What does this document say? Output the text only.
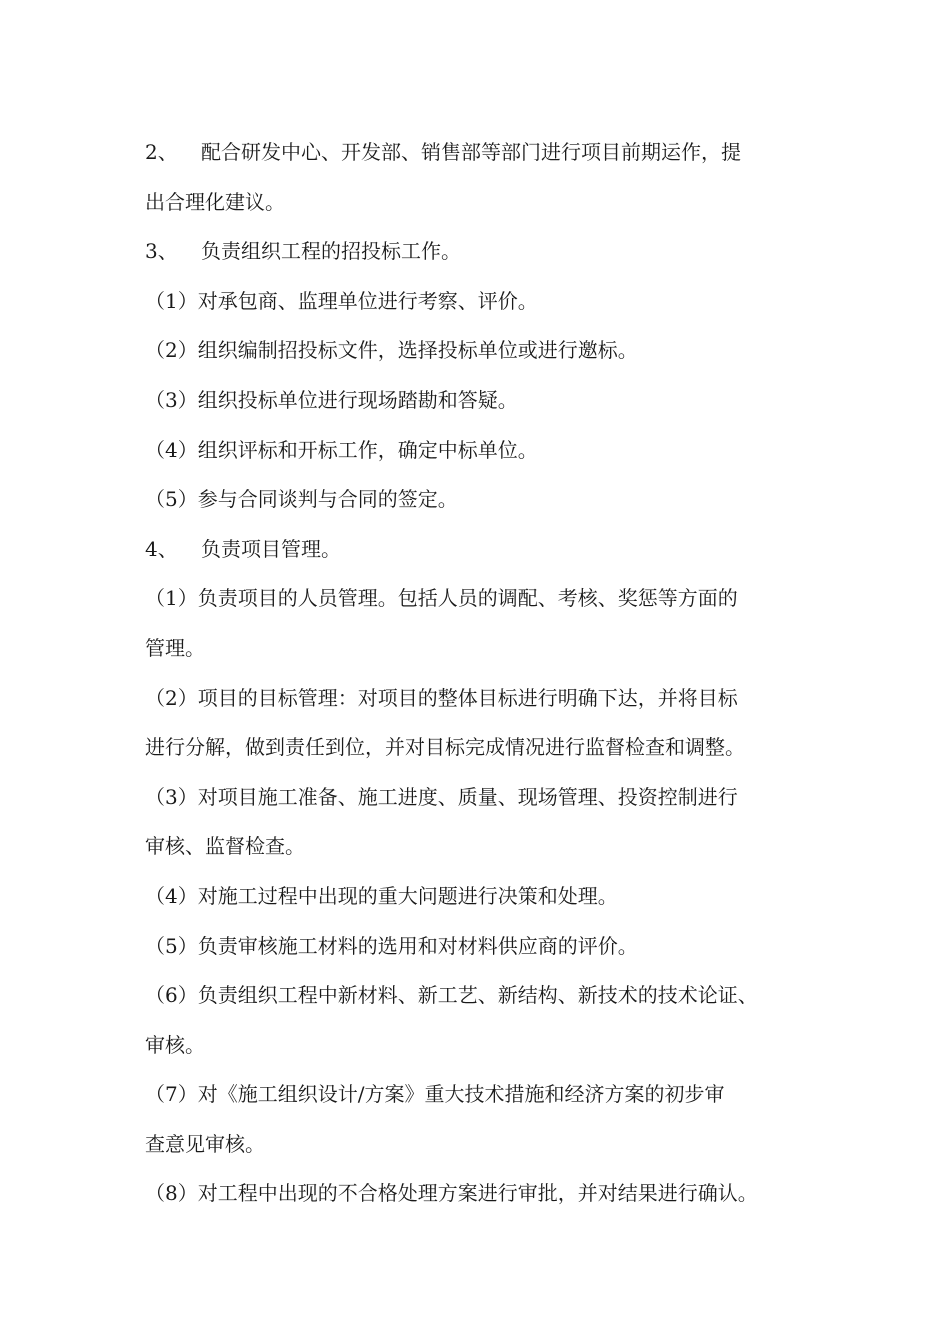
2、 配合研发中心、开发部、销售部等部门进行项目前期运作，提
出合理化建议。
3、 负责组织工程的招投标工作。
（1）对承包商、监理单位进行考察、评价。
（2）组织编制招投标文件，选择投标单位或进行邀标。
（3）组织投标单位进行现场踏勘和答疑。
（4）组织评标和开标工作，确定中标单位。
（5）参与合同谈判与合同的签定。
4、 负责项目管理。
（1）负责项目的人员管理。包括人员的调配、考核、奖惩等方面的
管理。
（2）项目的目标管理：对项目的整体目标进行明确下达，并将目标
进行分解，做到责任到位，并对目标完成情况进行监督检查和调整。
（3）对项目施工准备、施工进度、质量、现场管理、投资控制进行
审核、监督检查。
（4）对施工过程中出现的重大问题进行决策和处理。
（5）负责审核施工材料的选用和对材料供应商的评价。
（6）负责组织工程中新材料、新工艺、新结构、新技术的技术论证、
审核。
（7）对《施工组织设计/方案》重大技术措施和经济方案的初步审
查意见审核。
（8）对工程中出现的不合格处理方案进行审批，并对结果进行确认。
